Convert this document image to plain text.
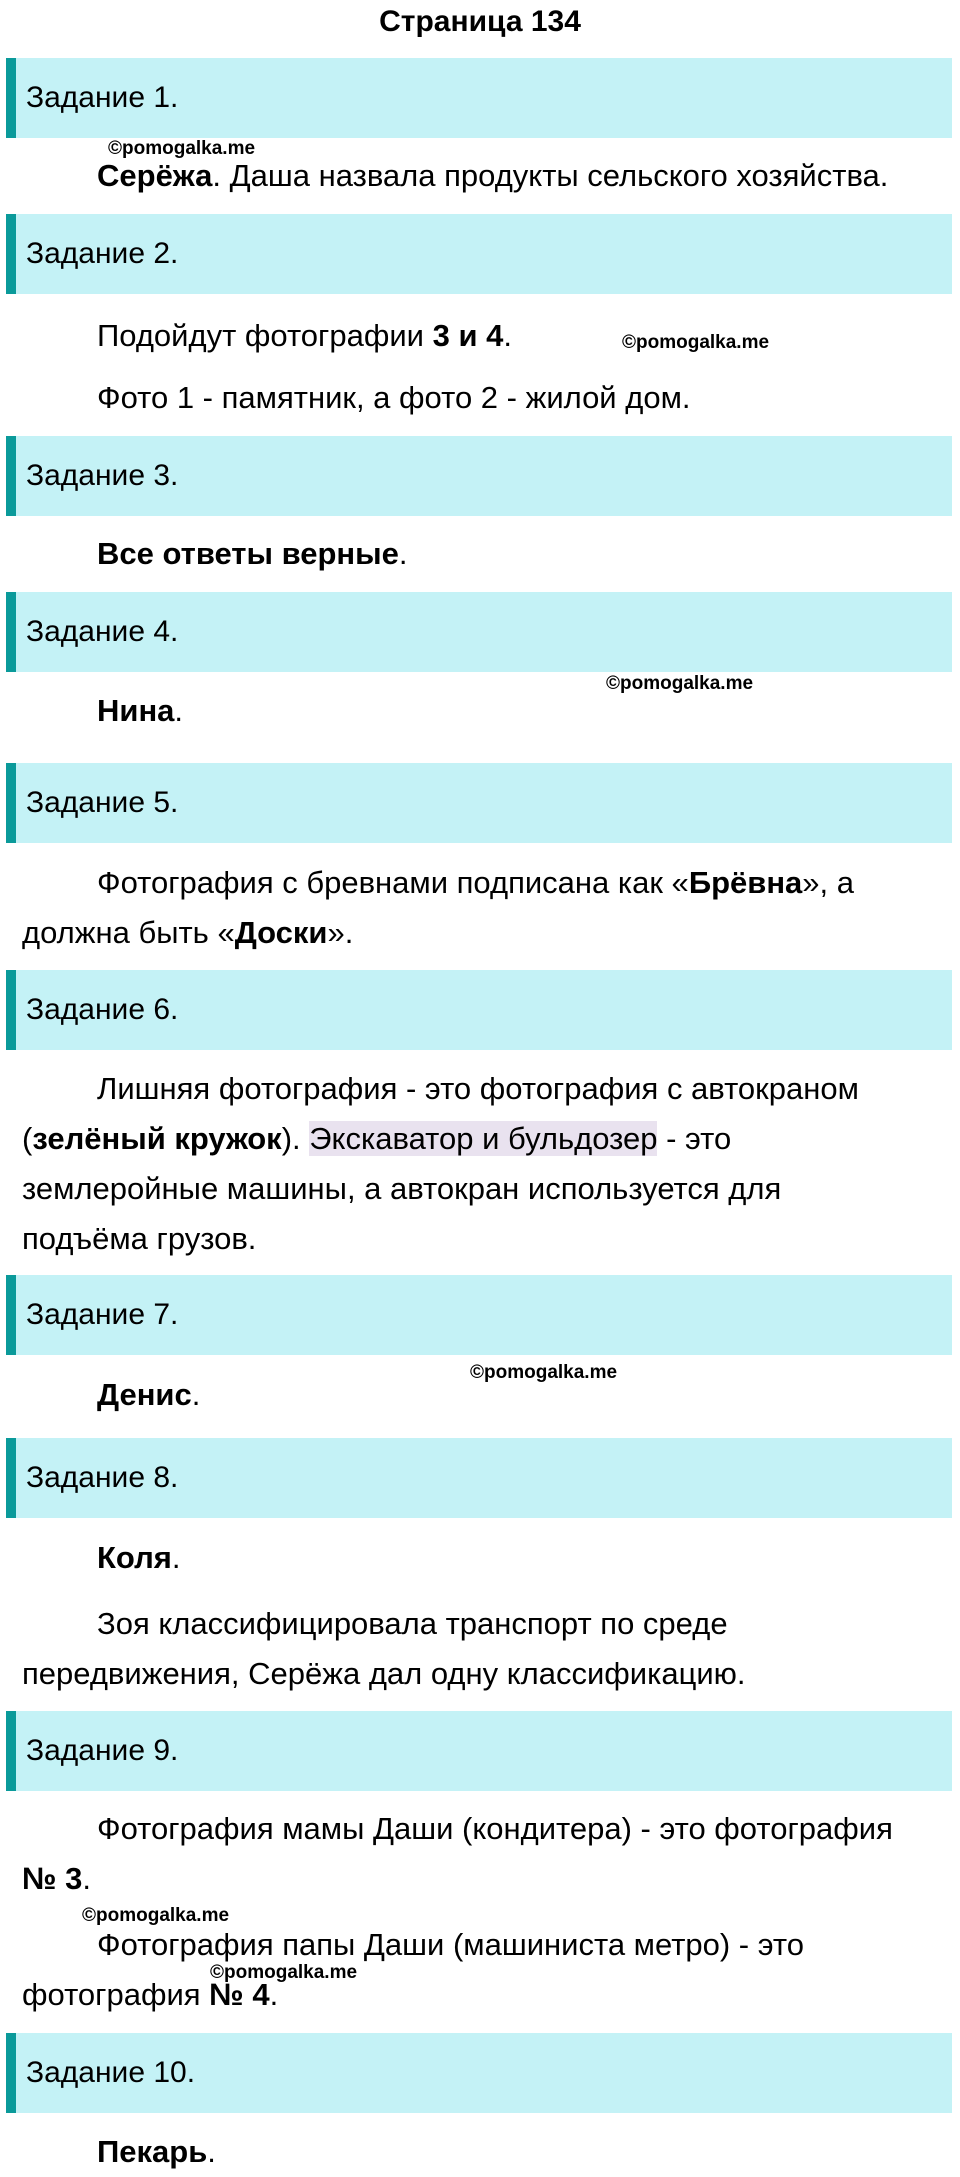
Страница 134
Задание 1.
©pomogalka.me
Серёжа. Даша назвала продукты сельского хозяйства.
Задание 2.
Подойдут фотографии 3 и 4.	©pomogalka.me
Фото 1 - памятник, а фото 2 - жилой дом.
Задание 3.
Все ответы верные.
Задание 4.
©pomogalka.me
Нина.
Задание 5.
Фотография с бревнами подписана как «Брёвна», а
должна быть «Доски».
Задание 6.
Лишняя фотография - это фотография с автокраном
(зелёный кружок). Экскаватор и бульдозер - это
землеройные машины, а автокран используется для
подъёма грузов.
Задание 7.
©pomogalka.me
Денис.
Задание 8.
Коля.
Зоя классифицировала транспорт по среде
передвижения, Серёжа дал одну классификацию.
Задание 9.
Фотография мамы Даши (кондитера) - это фотография
№ 3.
©pomogalka.me
Фотография папы Даши (машиниста метро) - это
©pomogalka.me
фотография № 4.
Задание 10.
Пекарь.
